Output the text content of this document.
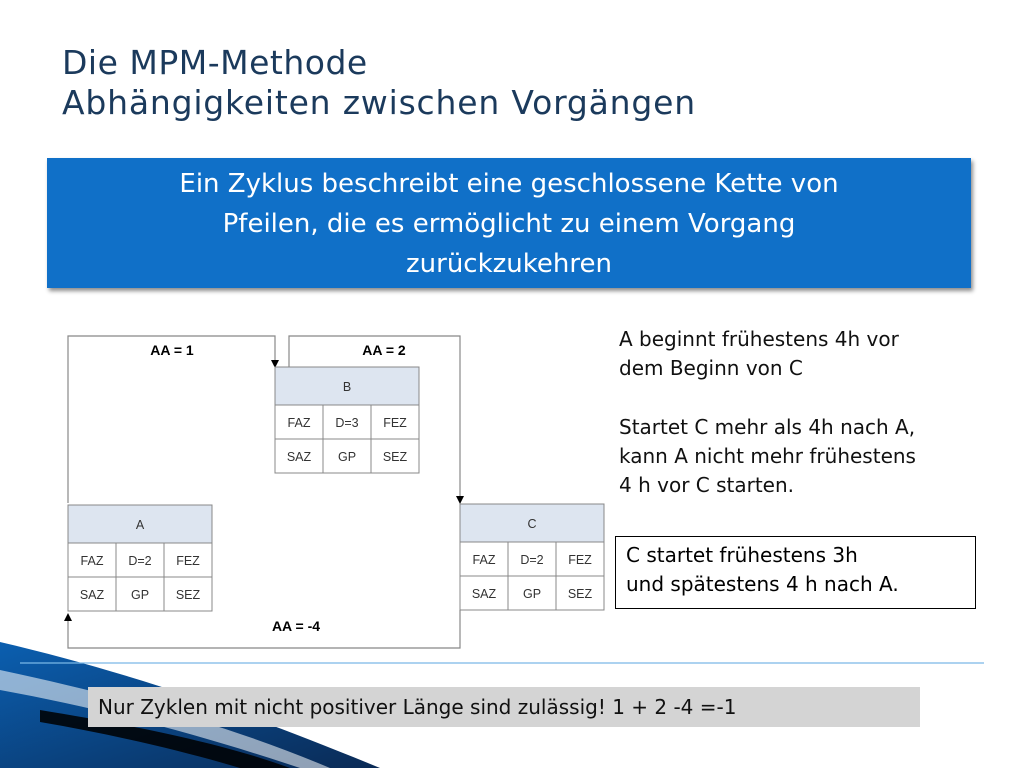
Die MPM-Methode
Abhängigkeiten zwischen Vorgängen
Ein Zyklus beschreibt eine geschlossene Kette von
Pfeilen, die es ermöglicht zu einem Vorgang
zurückzukehren
AA = 1	AA = 2
AA = -4
B
FAZ D=3 FEZ
SAZ GP SEZ
A
FAZ D=2 FEZ
SAZ GP SEZ
C
FAZ D=2 FEZ
SAZ GP SEZ
A beginnt frühestens 4h vor
dem Beginn von C
Startet C mehr als 4h nach A,
kann A nicht mehr frühestens
4 h vor C starten.
C startet frühestens 3h
und spätestens 4 h nach A.
Nur Zyklen mit nicht positiver Länge sind zulässig! 1 + 2 -4 =-1
